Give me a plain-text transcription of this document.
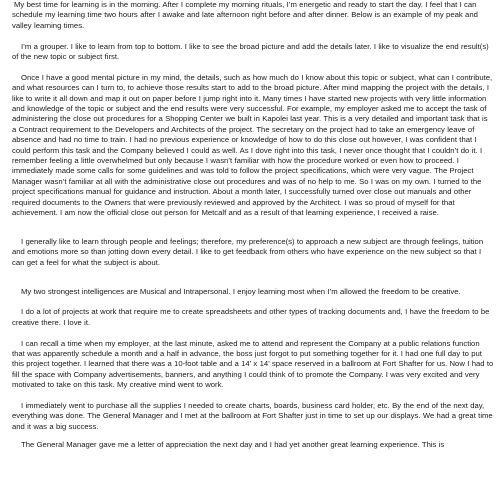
My best time for learning is in the morning. After I complete my morning rituals, I’m energetic and ready to start the day. I feel that I can schedule my learning time two hours after I awake and late afternoon right before and after dinner. Below is an example of my peak and valley learning times.

I’m a grouper. I like to learn from top to bottom. I like to see the broad picture and add the details later. I like to visualize the end result(s) of the new topic or subject first.

Once I have a good mental picture in my mind, the details, such as how much do I know about this topic or subject, what can I contribute, and what resources can I turn to, to achieve those results start to add to the broad picture. After mind mapping the project with the details, I like to write it all down and map it out on paper before I jump right into it. Many times I have started new projects with very little information and knowledge of the topic or subject and the end results were very successful. For example, my employer asked me to accept the task of administering the close out procedures for a Shopping Center we built in Kapolei last year. This is a very detailed and important task that is a Contract requirement to the Developers and Architects of the project. The secretary on the project had to take an emergency leave of absence and had no time to train. I had no previous experience or knowledge of how to do this close out however, I was confident that I could perform this task and the Company believed I could as well. As I dove right into this task, I never once thought that I couldn’t do it. I remember feeling a little overwhelmed but only because I wasn’t familiar with how the procedure worked or even how to proceed. I immediately made some calls for some guidelines and was told to follow the project specifications, which were very vague. The Project Manager wasn’t familiar at all with the administrative close out procedures and was of no help to me. So I was on my own. I turned to the project specifications manual for guidance and instruction. About a month later, I successfully turned over close out manuals and other required documents to the Owners that were previously reviewed and approved by the Architect. I was so proud of myself for that achievement. I am now the official close out person for Metcalf and as a result of that learning experience, I received a raise.

I generally like to learn through people and feelings; therefore, my preference(s) to approach a new subject are through feelings, tuition and emotions more so than jotting down every detail. I like to get feedback from others who have experience on the new subject so that I can get a feel for what the subject is about.

My two strongest intelligences are Musical and Intrapersonal. I enjoy learning most when I’m allowed the freedom to be creative.

I do a lot of projects at work that require me to create spreadsheets and other types of tracking documents and, I have the freedom to be creative there. I love it.

I can recall a time when my employer, at the last minute, asked me to attend and represent the Company at a public relations function that was apparently schedule a month and a half in advance, the boss just forgot to put something together for it. I had one full day to put this project together. I learned that there was a 10-foot table and a 14’ x 14’ space reserved in a ballroom at Fort Shafter for us. Now I had to fill the space with Company advertisements, banners, and anything I could think of to promote the Company. I was very excited and very motivated to take on this task. My creative mind went to work.

I immediately went to purchase all the supplies I needed to create charts, boards, business card holder, etc. By the end of the next day, everything was done. The General Manager and I met at the ballroom at Fort Shafter just in time to set up our displays. We had a great time and it was a big success.

The General Manager gave me a letter of appreciation the next day and I had yet another great learning experience. This is
